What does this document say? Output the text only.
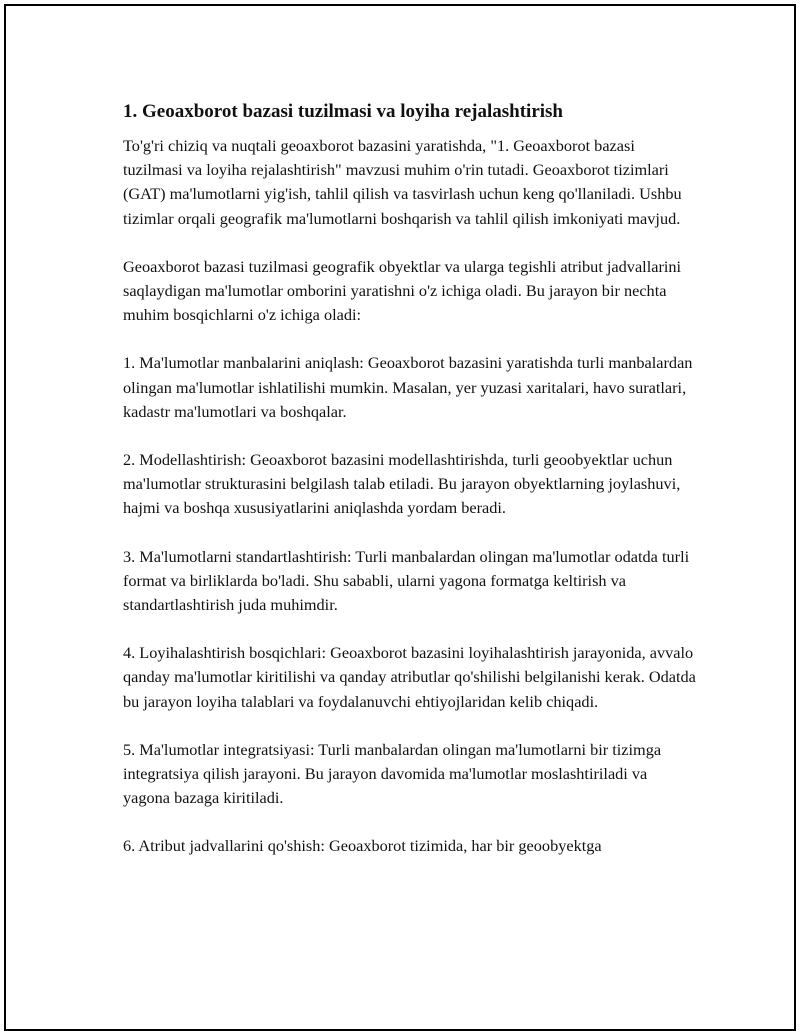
1. Geoaxborot bazasi tuzilmasi va loyiha rejalashtirish

To'g'ri chiziq va nuqtali geoaxborot bazasini yaratishda, "1. Geoaxborot bazasi tuzilmasi va loyiha rejalashtirish" mavzusi muhim o'rin tutadi. Geoaxborot tizimlari (GAT) ma'lumotlarni yig'ish, tahlil qilish va tasvirlash uchun keng qo'llaniladi. Ushbu tizimlar orqali geografik ma'lumotlarni boshqarish va tahlil qilish imkoniyati mavjud.

Geoaxborot bazasi tuzilmasi geografik obyektlar va ularga tegishli atribut jadvallarini saqlaydigan ma'lumotlar omborini yaratishni o'z ichiga oladi. Bu jarayon bir nechta muhim bosqichlarni o'z ichiga oladi:

1. Ma'lumotlar manbalarini aniqlash: Geoaxborot bazasini yaratishda turli manbalardan olingan ma'lumotlar ishlatilishi mumkin. Masalan, yer yuzasi xaritalari, havo suratlari, kadastr ma'lumotlari va boshqalar.

2. Modellashtirish: Geoaxborot bazasini modellashtirishda, turli geoobyektlar uchun ma'lumotlar strukturasini belgilash talab etiladi. Bu jarayon obyektlarning joylashuvi, hajmi va boshqa xususiyatlarini aniqlashda yordam beradi.

3. Ma'lumotlarni standartlashtirish: Turli manbalardan olingan ma'lumotlar odatda turli format va birliklarda bo'ladi. Shu sababli, ularni yagona formatga keltirish va standartlashtirish juda muhimdir.

4. Loyihalashtirish bosqichlari: Geoaxborot bazasini loyihalashtirish jarayonida, avvalo qanday ma'lumotlar kiritilishi va qanday atributlar qo'shilishi belgilanishi kerak. Odatda bu jarayon loyiha talablari va foydalanuvchi ehtiyojlaridan kelib chiqadi.

5. Ma'lumotlar integratsiyasi: Turli manbalardan olingan ma'lumotlarni bir tizimga integratsiya qilish jarayoni. Bu jarayon davomida ma'lumotlar moslashtiriladi va yagona bazaga kiritiladi.

6. Atribut jadvallarini qo'shish: Geoaxborot tizimida, har bir geoobyektga
